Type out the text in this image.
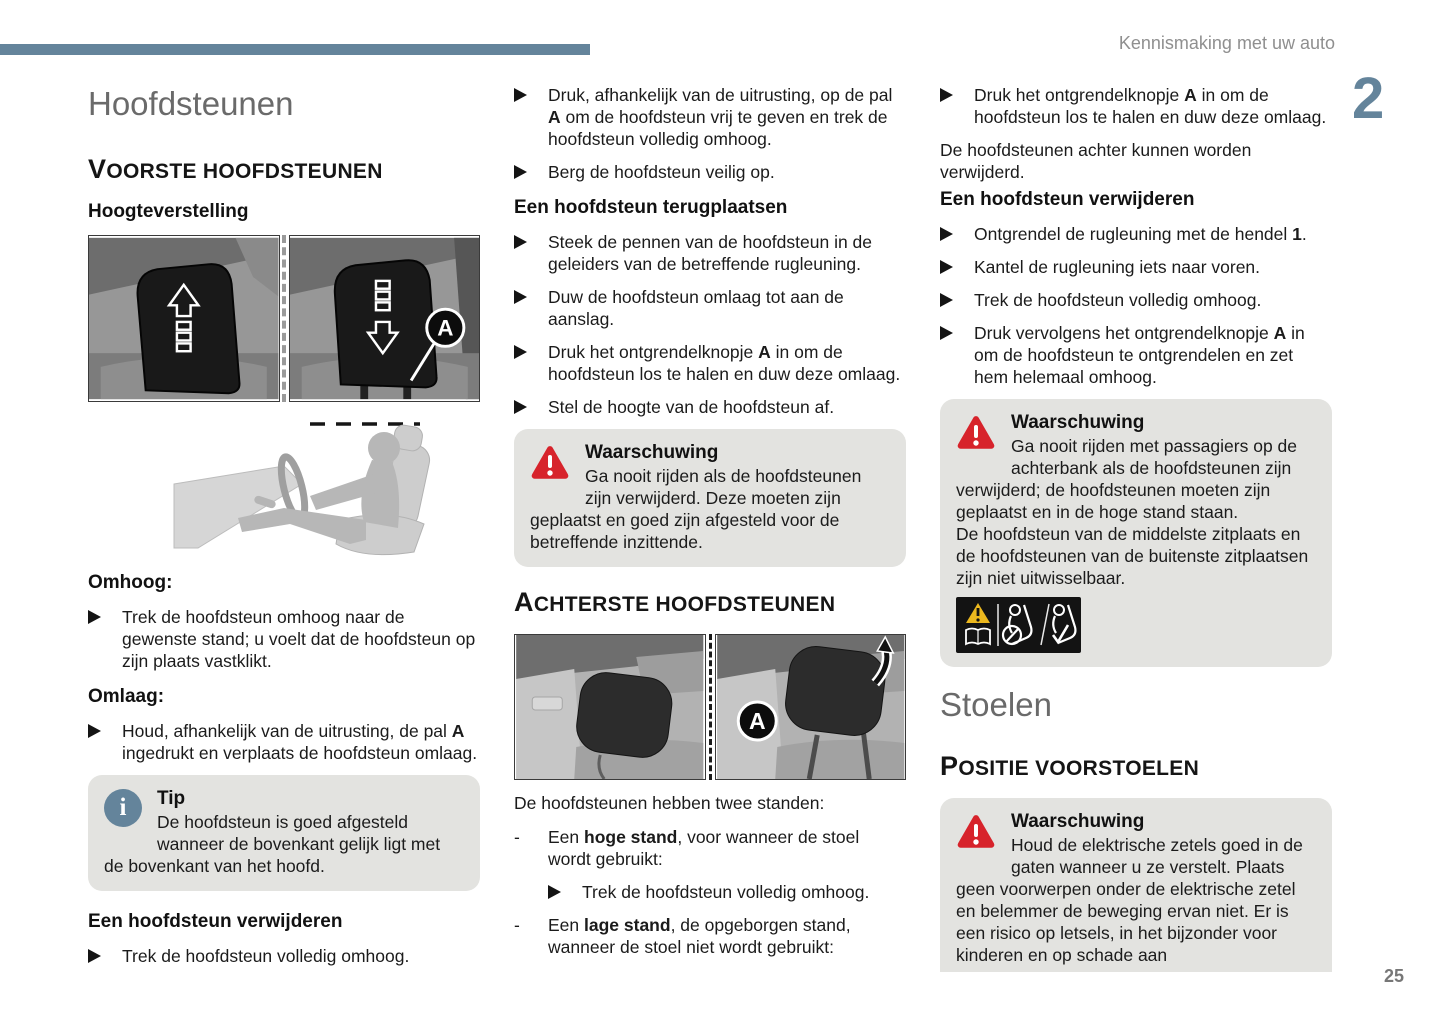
Kennismaking met uw auto
2
Hoofdsteunen
VOORSTE HOOFDSTEUNEN
Hoogteverstelling
A
Omhoog:
Trek de hoofdsteun omhoog naar de gewenste stand; u voelt dat de hoofdsteun op zijn plaats vastklikt.
Omlaag:
Houd, afhankelijk van de uitrusting, de pal A ingedrukt en verplaats de hoofdsteun omlaag.
i	Tip
De hoofdsteun is goed afgesteld wanneer de bovenkant gelijk ligt met de bovenkant van het hoofd.
Een hoofdsteun verwijderen
Trek de hoofdsteun volledig omhoog.
Druk, afhankelijk van de uitrusting, op de pal A om de hoofdsteun vrij te geven en trek de hoofdsteun volledig omhoog.
Berg de hoofdsteun veilig op.
Een hoofdsteun terugplaatsen
Steek de pennen van de hoofdsteun in de geleiders van de betreffende rugleuning.
Duw de hoofdsteun omlaag tot aan de aanslag.
Druk het ontgrendelknopje A in om de hoofdsteun los te halen en duw deze omlaag.
Stel de hoogte van de hoofdsteun af.
Waarschuwing
Ga nooit rijden als de hoofdsteunen zijn verwijderd. Deze moeten zijn geplaatst en goed zijn afgesteld voor de betreffende inzittende.
ACHTERSTE HOOFDSTEUNEN
A
De hoofdsteunen hebben twee standen:
-	Een hoge stand, voor wanneer de stoel wordt gebruikt:
Trek de hoofdsteun volledig omhoog.
-	Een lage stand, de opgeborgen stand, wanneer de stoel niet wordt gebruikt:
Druk het ontgrendelknopje A in om de hoofdsteun los te halen en duw deze omlaag.
De hoofdsteunen achter kunnen worden verwijderd.
Een hoofdsteun verwijderen
Ontgrendel de rugleuning met de hendel 1.
Kantel de rugleuning iets naar voren.
Trek de hoofdsteun volledig omhoog.
Druk vervolgens het ontgrendelknopje A in om de hoofdsteun te ontgrendelen en zet hem helemaal omhoog.
Waarschuwing
Ga nooit rijden met passagiers op de achterbank als de hoofdsteunen zijn verwijderd; de hoofdsteunen moeten zijn geplaatst en in de hoge stand staan.
De hoofdsteun van de middelste zitplaats en de hoofdsteunen van de buitenste zitplaatsen zijn niet uitwisselbaar.
Stoelen
POSITIE VOORSTOELEN
Waarschuwing
Houd de elektrische zetels goed in de gaten wanneer u ze verstelt. Plaats geen voorwerpen onder de elektrische zetel en belemmer de beweging ervan niet. Er is een risico op letsels, in het bijzonder voor kinderen en op schade aan
25
